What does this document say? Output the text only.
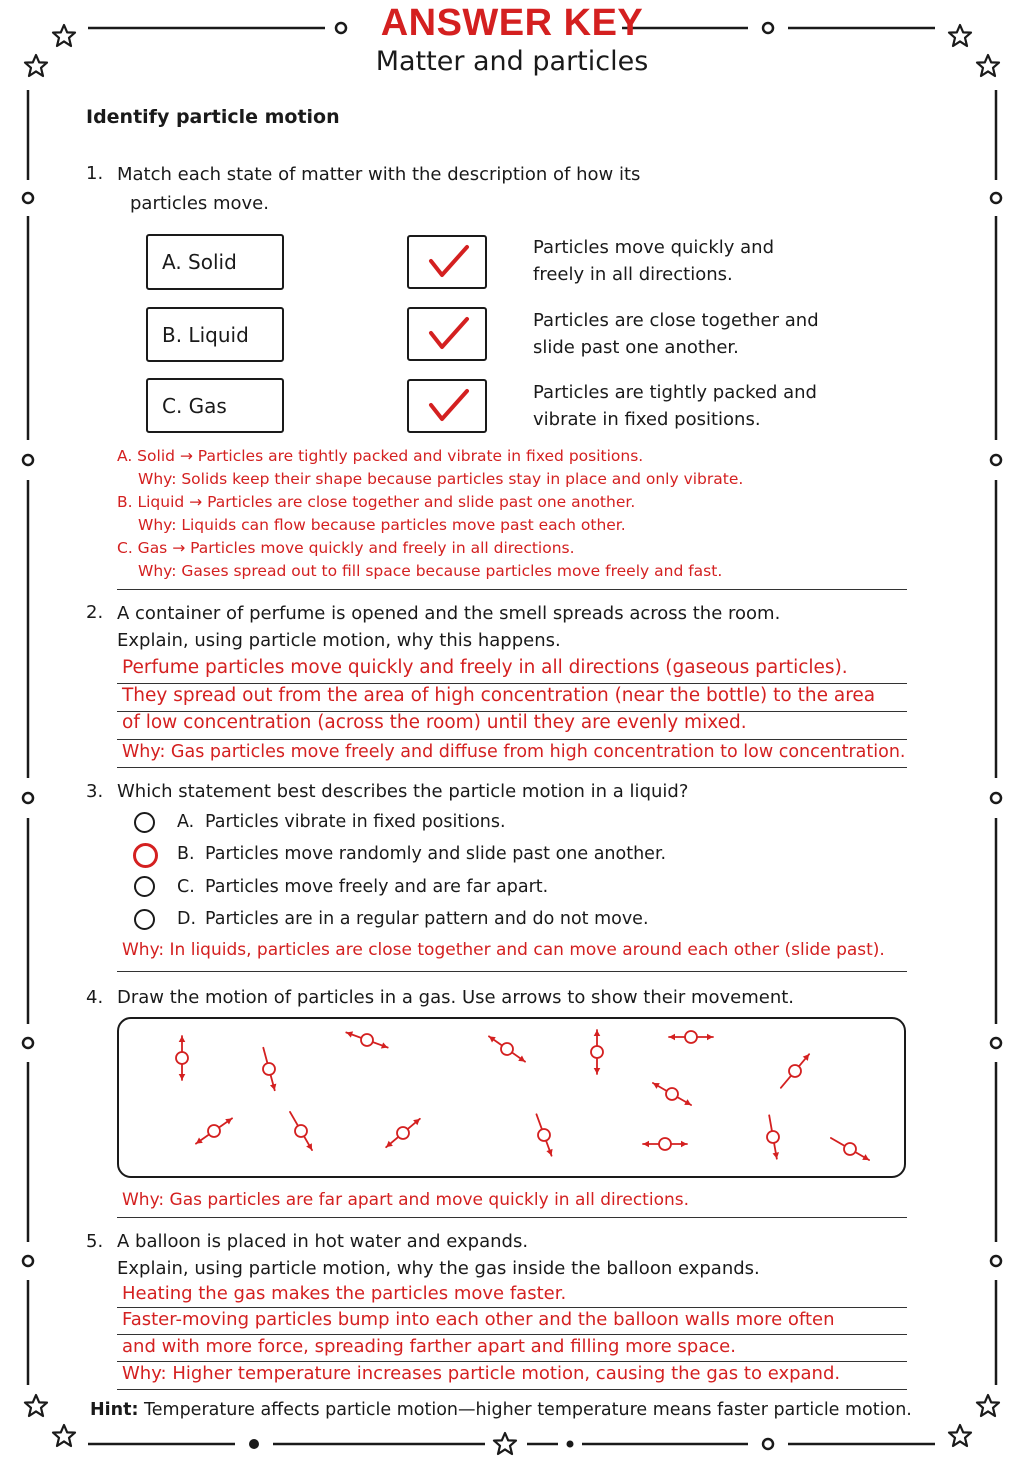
ANSWER KEY
Matter and particles
Identify particle motion
1. Match each state of matter with the description of how its
particles move.
A. Solid
B. Liquid
C. Gas
Particles move quickly and
freely in all directions.
Particles are close together and
slide past one another.
Particles are tightly packed and
vibrate in fixed positions.
A. Solid → Particles are tightly packed and vibrate in fixed positions.
Why: Solids keep their shape because particles stay in place and only vibrate.
B. Liquid → Particles are close together and slide past one another.
Why: Liquids can flow because particles move past each other.
C. Gas → Particles move quickly and freely in all directions.
Why: Gases spread out to fill space because particles move freely and fast.
2. A container of perfume is opened and the smell spreads across the room.
Explain, using particle motion, why this happens.
Perfume particles move quickly and freely in all directions (gaseous particles).
They spread out from the area of high concentration (near the bottle) to the area
of low concentration (across the room) until they are evenly mixed.
Why: Gas particles move freely and diffuse from high concentration to low concentration.
3. Which statement best describes the particle motion in a liquid?
A. Particles vibrate in fixed positions.
B. Particles move randomly and slide past one another.
C. Particles move freely and are far apart.
D. Particles are in a regular pattern and do not move.
Why: In liquids, particles are close together and can move around each other (slide past).
4. Draw the motion of particles in a gas. Use arrows to show their movement.
Why: Gas particles are far apart and move quickly in all directions.
5. A balloon is placed in hot water and expands.
Explain, using particle motion, why the gas inside the balloon expands.
Heating the gas makes the particles move faster.
Faster-moving particles bump into each other and the balloon walls more often
and with more force, spreading farther apart and filling more space.
Why: Higher temperature increases particle motion, causing the gas to expand.
Hint: Temperature affects particle motion—higher temperature means faster particle motion.
